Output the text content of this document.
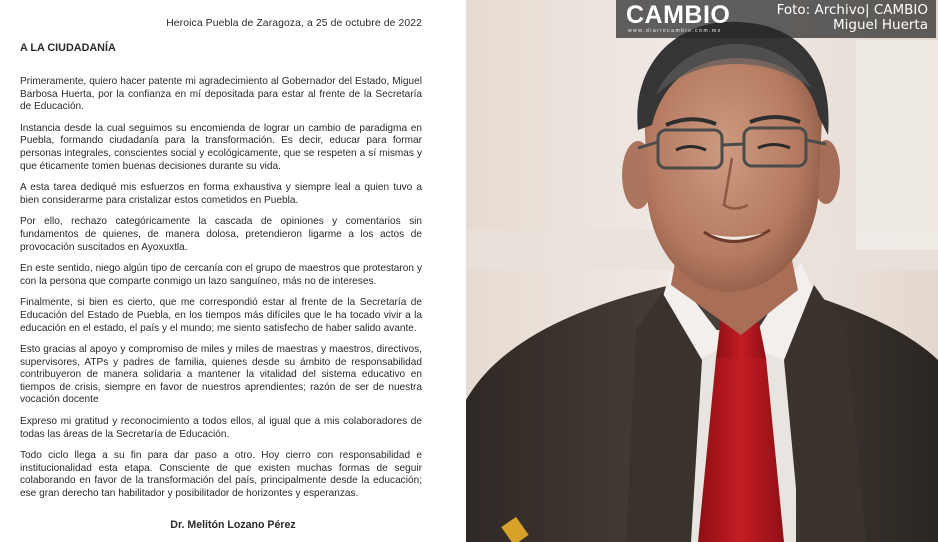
Heroica Puebla de Zaragoza, a 25 de octubre de 2022
A LA CIUDADANÍA

Primeramente, quiero hacer patente mi agradecimiento al Gobernador del Estado, Miguel Barbosa Huerta, por la confianza en mí depositada para estar al frente de la Secretaría de Educación.

Instancia desde la cual seguimos su encomienda de lograr un cambio de paradigma en Puebla, formando ciudadanía para la transformación. Es decir, educar para formar personas integrales, conscientes social y ecológicamente, que se respeten a sí mismas y que éticamente tomen buenas decisiones durante su vida.

A esta tarea dediqué mis esfuerzos en forma exhaustiva y siempre leal a quien tuvo a bien considerarme para cristalizar estos cometidos en Puebla.

Por ello, rechazo categóricamente la cascada de opiniones y comentarios sin fundamentos de quienes, de manera dolosa, pretendieron ligarme a los actos de provocación suscitados en Ayoxuxtla.

En este sentido, niego algún tipo de cercanía con el grupo de maestros que protestaron y con la persona que comparte conmigo un lazo sanguíneo, más no de intereses.

Finalmente, si bien es cierto, que me correspondió estar al frente de la Secretaría de Educación del Estado de Puebla, en los tiempos más difíciles que le ha tocado vivir a la educación en el estado, el país y el mundo; me siento satisfecho de haber salido avante.

Esto gracias al apoyo y compromiso de miles y miles de maestras y maestros, directivos, supervisores, ATPs y padres de familia, quienes desde su ámbito de responsabilidad contribuyeron de manera solidaria a mantener la vitalidad del sistema educativo en tiempos de crisis, siempre en favor de nuestros aprendientes; razón de ser de nuestra vocación docente

Expreso mi gratitud y reconocimiento a todos ellos, al igual que a mis colaboradores de todas las áreas de la Secretaría de Educación.

Todo ciclo llega a su fin para dar paso a otro. Hoy cierro con responsabilidad e institucionalidad esta etapa. Consciente de que existen muchas formas de seguir colaborando en favor de la transformación del país, principalmente desde la educación; ese gran derecho tan habilitador y posibilitador de horizontes y esperanzas.

Dr. Melitón Lozano Pérez
CAMBIO
www.diariocambio.com.mx
Foto: Archivo| CAMBIO
Miguel Huerta
